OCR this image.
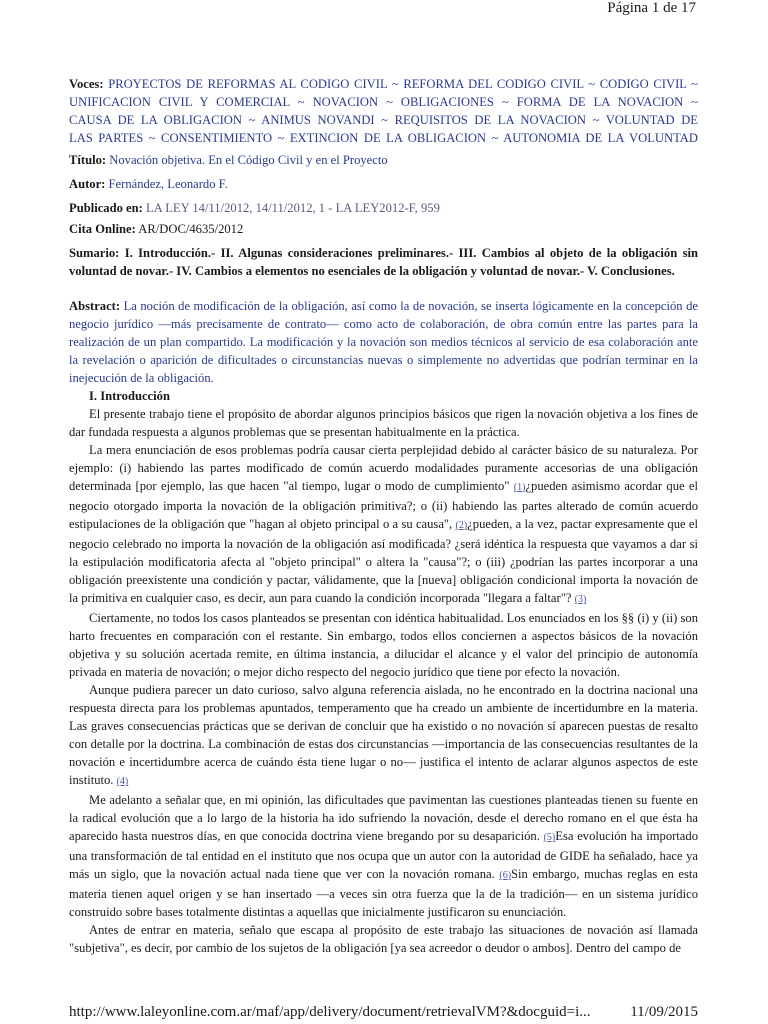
Página 1 de 17
Voces: PROYECTOS DE REFORMAS AL CODIGO CIVIL ~ REFORMA DEL CODIGO CIVIL ~ CODIGO CIVIL ~
UNIFICACION CIVIL Y COMERCIAL ~ NOVACION ~ OBLIGACIONES ~ FORMA DE LA NOVACION ~
CAUSA DE LA OBLIGACION ~ ANIMUS NOVANDI ~ REQUISITOS DE LA NOVACION ~ VOLUNTAD DE
LAS PARTES ~ CONSENTIMIENTO ~ EXTINCION DE LA OBLIGACION ~ AUTONOMIA DE LA VOLUNTAD
Título: Novación objetiva. En el Código Civil y en el Proyecto
Autor: Fernández, Leonardo F.
Publicado en: LA LEY 14/11/2012, 14/11/2012, 1 - LA LEY2012-F, 959
Cita Online: AR/DOC/4635/2012
Sumario: I. Introducción.- II. Algunas consideraciones preliminares.- III. Cambios al objeto de la obligación sin
voluntad de novar.- IV. Cambios a elementos no esenciales de la obligación y voluntad de novar.- V. Conclusiones.
Abstract: La noción de modificación de la obligación, así como la de novación, se inserta lógicamente en la concepción de negocio jurídico —más precisamente de contrato— como acto de colaboración, de obra común entre las partes para la realización de un plan compartido. La modificación y la novación son medios técnicos al servicio de esa colaboración ante la revelación o aparición de dificultades o circunstancias nuevas o simplemente no advertidas que podrían terminar en la inejecución de la obligación.
I. Introducción

El presente trabajo tiene el propósito de abordar algunos principios básicos que rigen la novación objetiva a los fines de dar fundada respuesta a algunos problemas que se presentan habitualmente en la práctica.

La mera enunciación de esos problemas podría causar cierta perplejidad debido al carácter básico de su naturaleza. Por ejemplo: (i) habiendo las partes modificado de común acuerdo modalidades puramente accesorias de una obligación determinada [por ejemplo, las que hacen "al tiempo, lugar o modo de cumplimiento" (1)¿pueden asimismo acordar que el negocio otorgado importa la novación de la obligación primitiva?; o (ii) habiendo las partes alterado de común acuerdo estipulaciones de la obligación que "hagan al objeto principal o a su causa", (2)¿pueden, a la vez, pactar expresamente que el negocio celebrado no importa la novación de la obligación así modificada? ¿será idéntica la respuesta que vayamos a dar si la estipulación modificatoria afecta al "objeto principal" o altera la "causa"?; o (iii) ¿podrían las partes incorporar a una obligación preexistente una condición y pactar, válidamente, que la [nueva] obligación condicional importa la novación de la primitiva en cualquier caso, es decir, aun para cuando la condición incorporada "llegara a faltar"? (3)

Ciertamente, no todos los casos planteados se presentan con idéntica habitualidad. Los enunciados en los §§ (i) y (ii) son harto frecuentes en comparación con el restante. Sin embargo, todos ellos conciernen a aspectos básicos de la novación objetiva y su solución acertada remite, en última instancia, a dilucidar el alcance y el valor del principio de autonomía privada en materia de novación; o mejor dicho respecto del negocio jurídico que tiene por efecto la novación.

Aunque pudiera parecer un dato curioso, salvo alguna referencia aislada, no he encontrado en la doctrina nacional una respuesta directa para los problemas apuntados, temperamento que ha creado un ambiente de incertidumbre en la materia. Las graves consecuencias prácticas que se derivan de concluir que ha existido o no novación sí aparecen puestas de resalto con detalle por la doctrina. La combinación de estas dos circunstancias —importancia de las consecuencias resultantes de la novación e incertidumbre acerca de cuándo ésta tiene lugar o no— justifica el intento de aclarar algunos aspectos de este instituto. (4)

Me adelanto a señalar que, en mi opinión, las dificultades que pavimentan las cuestiones planteadas tienen su fuente en la radical evolución que a lo largo de la historia ha ido sufriendo la novación, desde el derecho romano en el que ésta ha aparecido hasta nuestros días, en que conocida doctrina viene bregando por su desaparición. (5)Esa evolución ha importado una transformación de tal entidad en el instituto que nos ocupa que un autor con la autoridad de GIDE ha señalado, hace ya más un siglo, que la novación actual nada tiene que ver con la novación romana. (6)Sin embargo, muchas reglas en esta materia tienen aquel origen y se han insertado —a veces sin otra fuerza que la de la tradición— en un sistema jurídico construido sobre bases totalmente distintas a aquellas que inicialmente justificaron su enunciación.

Antes de entrar en materia, señalo que escapa al propósito de este trabajo las situaciones de novación así llamada "subjetiva", es decir, por cambio de los sujetos de la obligación [ya sea acreedor o deudor o ambos]. Dentro del campo de

http://www.laleyonline.com.ar/maf/app/delivery/document/retrievalVM?&docguid=i...	11/09/2015
